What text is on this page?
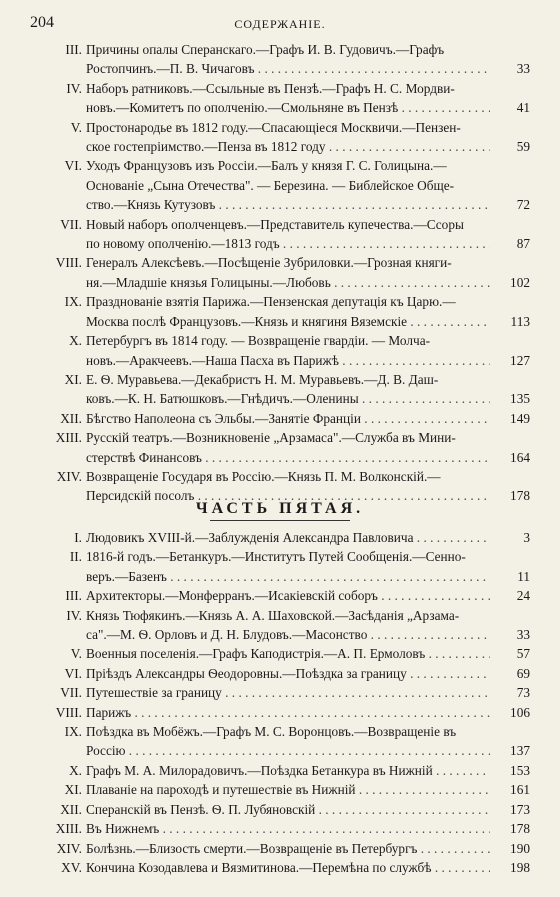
204	СОДЕРЖАНІЕ.
III. Причины опалы Сперанскаго.—Графъ И. В. Гудовичъ.—Графъ
Ростопчинъ.—П. В. Чичаговъ . . .	33
IV. Наборъ ратниковъ.—Ссыльные въ Пензѣ.—Графъ Н. С. Мордви-
новъ.—Комитетъ по ополченію.—Смольняне въ Пензѣ . . .	41
V. Простонародье въ 1812 году.—Спасающіеся Москвичи.—Пензен-
ское гостепріимство.—Пенза въ 1812 году . . .	59
VI. Уходъ Французовъ изъ Россіи.—Балъ у князя Г. С. Голицына.—
Основаніе „Сына Отечества". — Березина. — Библейское Обще-
ство.—Князь Кутузовъ . . .	72
VII. Новый наборъ ополченцевъ.—Представитель купечества.—Ссоры
по новому ополченію.—1813 годъ . . .	87
VIII. Генералъ Алексѣевъ.—Посѣщеніе Зубриловки.—Грозная княги-
ня.—Младшіе князья Голицыны.—Любовь . . .	102
IX. Празднованіе взятія Парижа.—Пензенская депутація къ Царю.—
Москва послѣ Французовъ.—Князь и княгиня Вяземскіе . . .	113
X. Петербургъ въ 1814 году. — Возвращеніе гвардіи. — Молча-
новъ.—Аракчеевъ.—Наша Пасха въ Парижѣ . . .	127
XI. Е. Ѳ. Муравьева.—Декабристъ Н. М. Муравьевъ.—Д. В. Даш-
ковъ.—К. Н. Батюшковъ.—Гнѣдичъ.—Оленины . . .	135
XII. Бѣгство Наполеона съ Эльбы.—Занятіе Франціи . . .	149
XIII. Русскій театръ.—Возникновеніе „Арзамаса".—Служба въ Мини-
стерствѣ Финансовъ . . .	164
XIV. Возвращеніе Государя въ Россію.—Князь П. М. Волконскій.—
Персидскій посолъ . . .	178
ЧАСТЬ ПЯТАЯ.
I. Людовикъ XVIII-й.—Заблужденія Александра Павловича . . .	3
II. 1816-й годъ.—Бетанкуръ.—Институтъ Путей Сообщенія.—Сенно-
веръ.—Базенъ . . .	11
III. Архитекторы.—Монферранъ.—Исакіевскій соборъ . . .	24
IV. Князь Тюфякинъ.—Князь А. А. Шаховской.—Засѣданія „Арзама-
са".—М. Ѳ. Орловъ и Д. Н. Блудовъ.—Масонство . . .	33
V. Военныя поселенія.—Графъ Каподистрія.—А. П. Ермоловъ . . .	57
VI. Пріѣздъ Александры Ѳеодоровны.—Поѣздка за границу . . .	69
VII. Путешествіе за границу . . .	73
VIII. Парижъ . . .	106
IX. Поѣздка въ Мобёжъ.—Графъ М. С. Воронцовъ.—Возвращеніе въ
Россію . . .	137
X. Графъ М. А. Милорадовичъ.—Поѣздка Бетанкура въ Нижній . . .	153
XI. Плаваніе на пароходѣ и путешествіе въ Нижній . . .	161
XII. Сперанскій въ Пензѣ. Ѳ. П. Лубяновскій . . .	173
XIII. Въ Нижнемъ . . .	178
XIV. Болѣзнь.—Близость смерти.—Возвращеніе въ Петербургъ . . .	190
XV. Кончина Козодавлева и Вязмитинова.—Перемѣна по службѣ . . .	198
